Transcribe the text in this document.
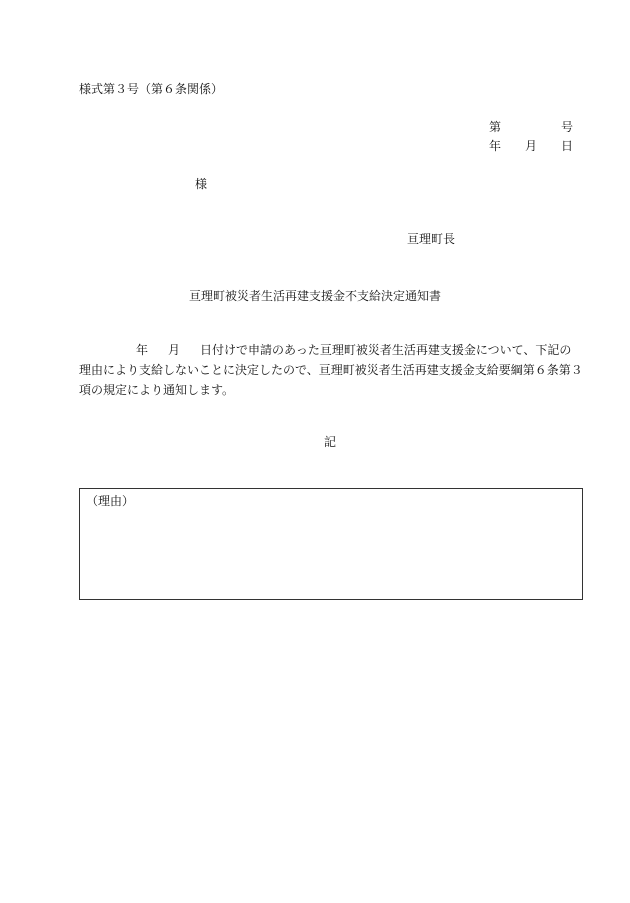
様式第３号（第６条関係）
第	号
年 月 日
様
亘理町長
亘理町被災者生活再建支援金不支給決定通知書
年 月 日付けで申請のあった亘理町被災者生活再建支援金について、下記の理由により支給しないことに決定したので、亘理町被災者生活再建支援金支給要綱第６条第３項の規定により通知します。
記
（理由）
